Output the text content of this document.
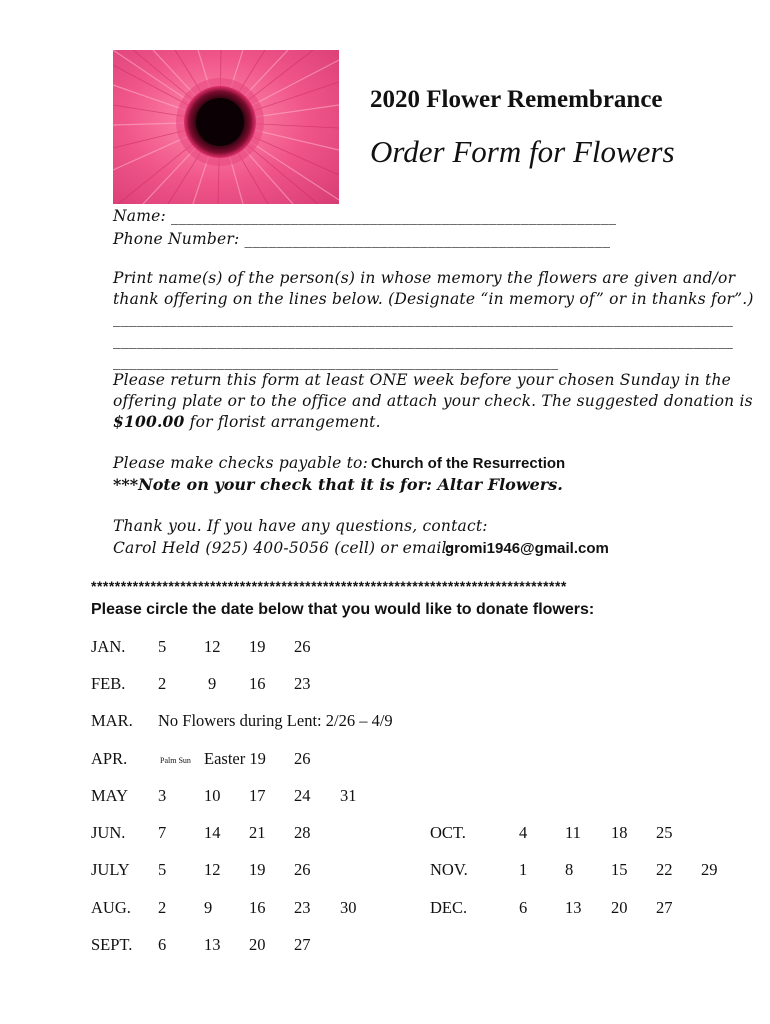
2020 Flower Remembrance
Order Form for Flowers
Name: ________________________________________________________
Phone Number: ______________________________________________
Print name(s) of the person(s) in whose memory the flowers are given and/or
thank offering on the lines below. (Designate “in memory of” or in thanks for”.)
______________________________________________________________________________
______________________________________________________________________________
________________________________________________________
Please return this form at least ONE week before your chosen Sunday in the
offering plate or to the office and attach your check. The suggested donation is
$100.00 for florist arrangement.
Please make checks payable to: Church of the Resurrection
***Note on your check that it is for: Altar Flowers.
Thank you. If you have any questions, contact:
Carol Held (925) 400-5056 (cell) or email:
gromi1946@gmail.com
********************************************************************************
Please circle the date below that you would like to donate flowers:
JAN. 5 12 19 26
FEB. 2	9 16 23
MAR. No Flowers during Lent: 2/26 – 4/9
APR.	Palm Sun Easter 19 26
MAY 3 10 17 24 31
JUN. 7 14 21 28
JULY 5 12 19 26
AUG. 2 9 16 23 30
SEPT. 6 13 20 27
OCT.	4 11 18 25
NOV.	1 8 15 22 29
DEC.	6 13 20 27
